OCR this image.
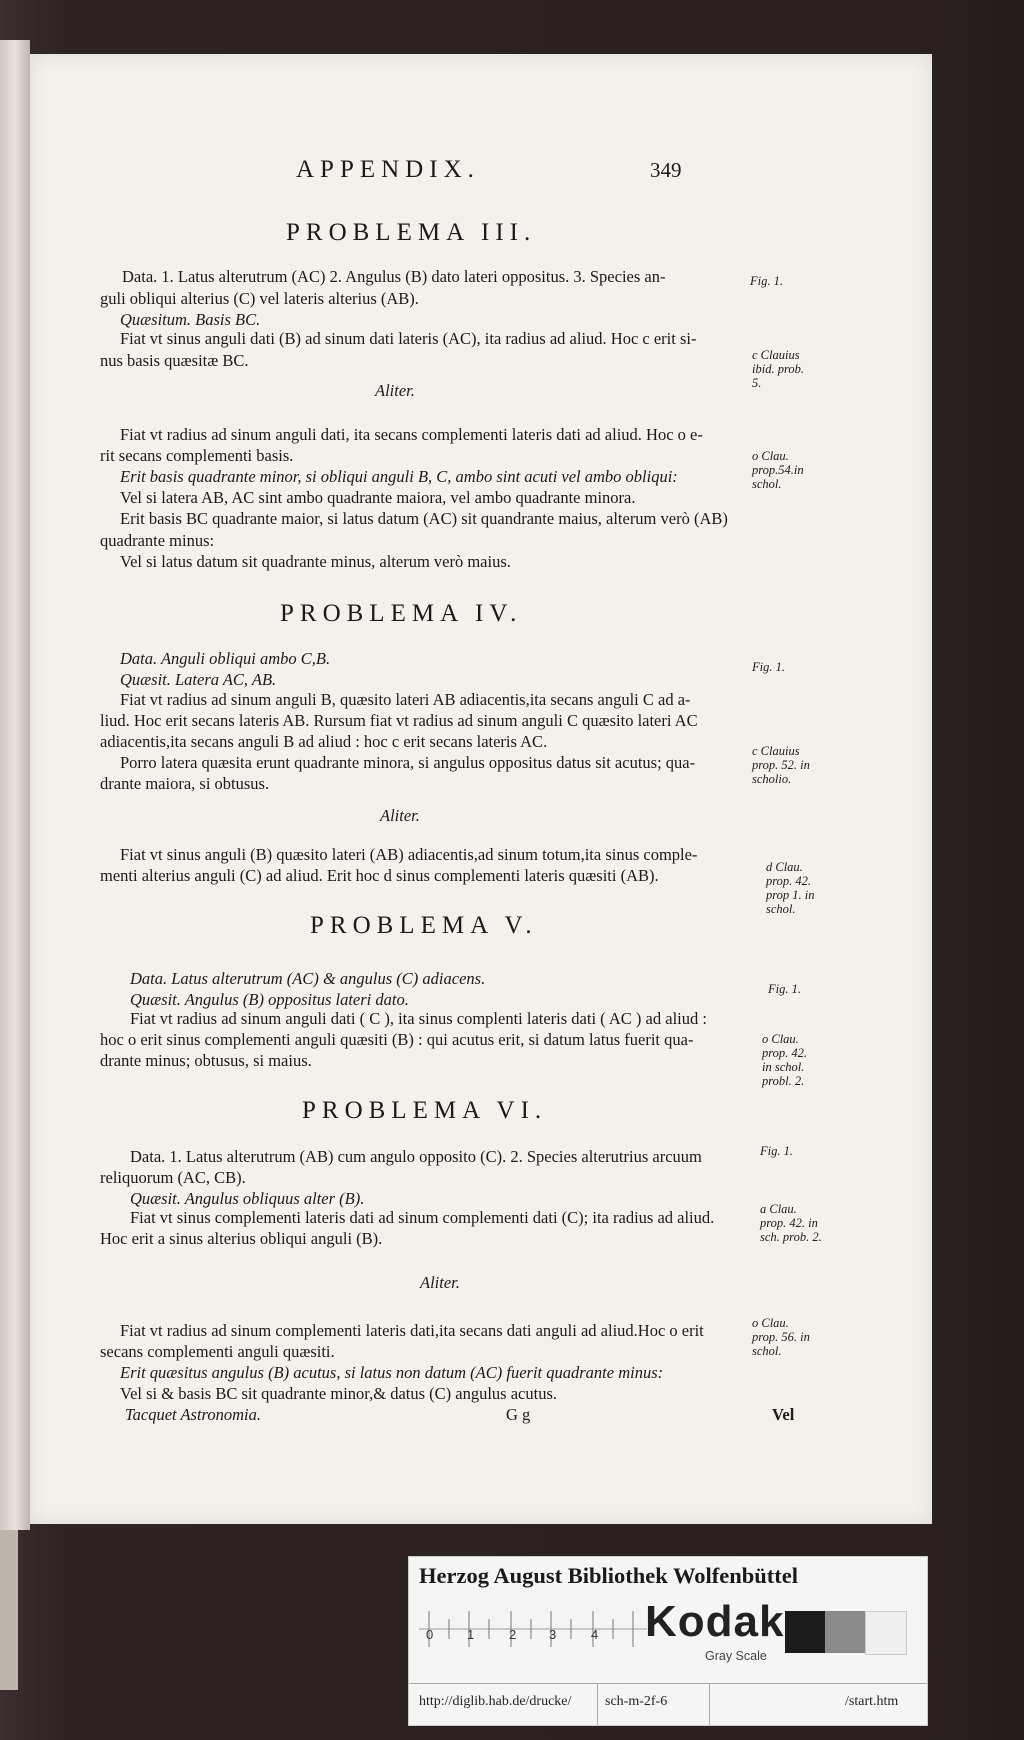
APPENDIX.	349
PROBLEMA III.
Data. 1. Latus alterutrum (AC) 2. Angulus (B) dato lateri oppositus. 3. Species an-
guli obliqui alterius (C) vel lateris alterius (AB).
Quæsitum. Basis BC.
Fiat vt sinus anguli dati (B) ad sinum dati lateris (AC), ita radius ad aliud. Hoc c erit si-
nus basis quæsitæ BC.
Aliter.
Fiat vt radius ad sinum anguli dati, ita secans complementi lateris dati ad aliud. Hoc o e-
rit secans complementi basis.
Erit basis quadrante minor, si obliqui anguli B, C, ambo sint acuti vel ambo obliqui:
Vel si latera AB, AC sint ambo quadrante maiora, vel ambo quadrante minora.
Erit basis BC quadrante maior, si latus datum (AC) sit quandrante maius, alterum verò (AB)
quadrante minus:
Vel si latus datum sit quadrante minus, alterum verò maius.
PROBLEMA IV.
Data. Anguli obliqui ambo C,B.
Quæsit. Latera AC, AB.
Fiat vt radius ad sinum anguli B, quæsito lateri AB adiacentis,ita secans anguli C ad a-
liud. Hoc erit secans lateris AB. Rursum fiat vt radius ad sinum anguli C quæsito lateri AC
adiacentis,ita secans anguli B ad aliud : hoc c erit secans lateris AC.
Porro latera quæsita erunt quadrante minora, si angulus oppositus datus sit acutus; qua-
drante maiora, si obtusus.
Aliter.
Fiat vt sinus anguli (B) quæsito lateri (AB) adiacentis,ad sinum totum,ita sinus comple-
menti alterius anguli (C) ad aliud. Erit hoc d sinus complementi lateris quæsiti (AB).
PROBLEMA V.
Data. Latus alterutrum (AC) & angulus (C) adiacens.
Quæsit. Angulus (B) oppositus lateri dato.
Fiat vt radius ad sinum anguli dati ( C ), ita sinus complenti lateris dati ( AC ) ad aliud :
hoc o erit sinus complementi anguli quæsiti (B) : qui acutus erit, si datum latus fuerit qua-
drante minus; obtusus, si maius.
PROBLEMA VI.
Data. 1. Latus alterutrum (AB) cum angulo opposito (C). 2. Species alterutrius arcuum
reliquorum (AC, CB).
Quæsit. Angulus obliquus alter (B).
Fiat vt sinus complementi lateris dati ad sinum complementi dati (C); ita radius ad aliud.
Hoc erit a sinus alterius obliqui anguli (B).
Aliter.
Fiat vt radius ad sinum complementi lateris dati,ita secans dati anguli ad aliud.Hoc o erit
secans complementi anguli quæsiti.
Erit quæsitus angulus (B) acutus, si latus non datum (AC) fuerit quadrante minus:
Vel si & basis BC sit quadrante minor,& datus (C) angulus acutus.
Tacquet Astronomia.	G g	Vel
Fig. 1.
c Clauius
ibid. prob.
5.
o Clau.
prop.54.in
schol.
Fig. 1.
c Clauius
prop. 52. in
scholio.
d Clau.
prop. 42.
prop 1. in
schol.
Fig. 1.
o Clau.
prop. 42.
in schol.
probl. 2.
Fig. 1.
a Clau.
prop. 42. in
sch. prob. 2.
o Clau.
prop. 56. in
schol.
Herzog August Bibliothek Wolfenbüttel
0	1	2	3	4 Kodak
Gray Scale
http://diglib.hab.de/drucke/ sch-m-2f-6	/start.htm
